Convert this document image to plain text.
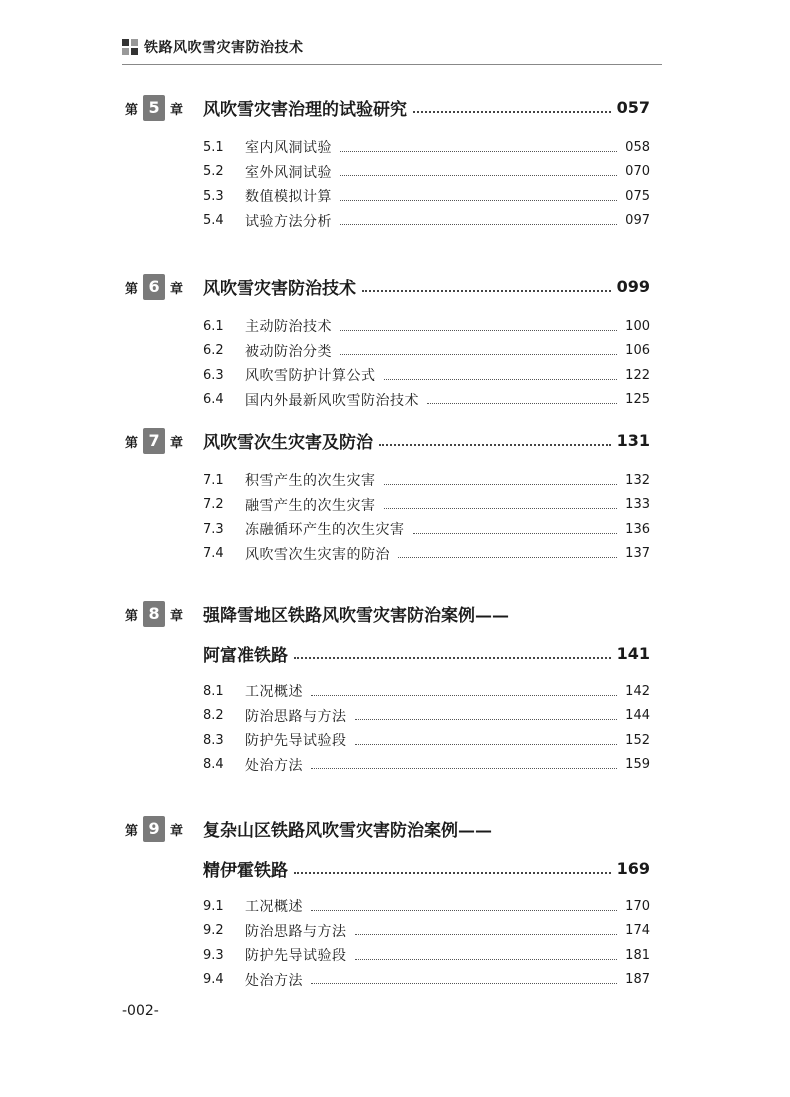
铁路风吹雪灾害防治技术
第 5 章 风吹雪灾害治理的试验研究	057
5.1	室内风洞试验	058
5.2	室外风洞试验	070
5.3	数值模拟计算	075
5.4	试验方法分析	097
第 6 章 风吹雪灾害防治技术	099
6.1	主动防治技术	100
6.2	被动防治分类	106
6.3	风吹雪防护计算公式	122
6.4	国内外最新风吹雪防治技术	125
第 7 章 风吹雪次生灾害及防治	131
7.1	积雪产生的次生灾害	132
7.2	融雪产生的次生灾害	133
7.3	冻融循环产生的次生灾害	136
7.4	风吹雪次生灾害的防治	137
第 8 章 强降雪地区铁路风吹雪灾害防治案例——
阿富准铁路	141
8.1	工况概述	142
8.2	防治思路与方法	144
8.3	防护先导试验段	152
8.4	处治方法	159
第 9 章 复杂山区铁路风吹雪灾害防治案例——
精伊霍铁路	169
9.1	工况概述	170
9.2	防治思路与方法	174
9.3	防护先导试验段	181
9.4	处治方法	187
-002-
